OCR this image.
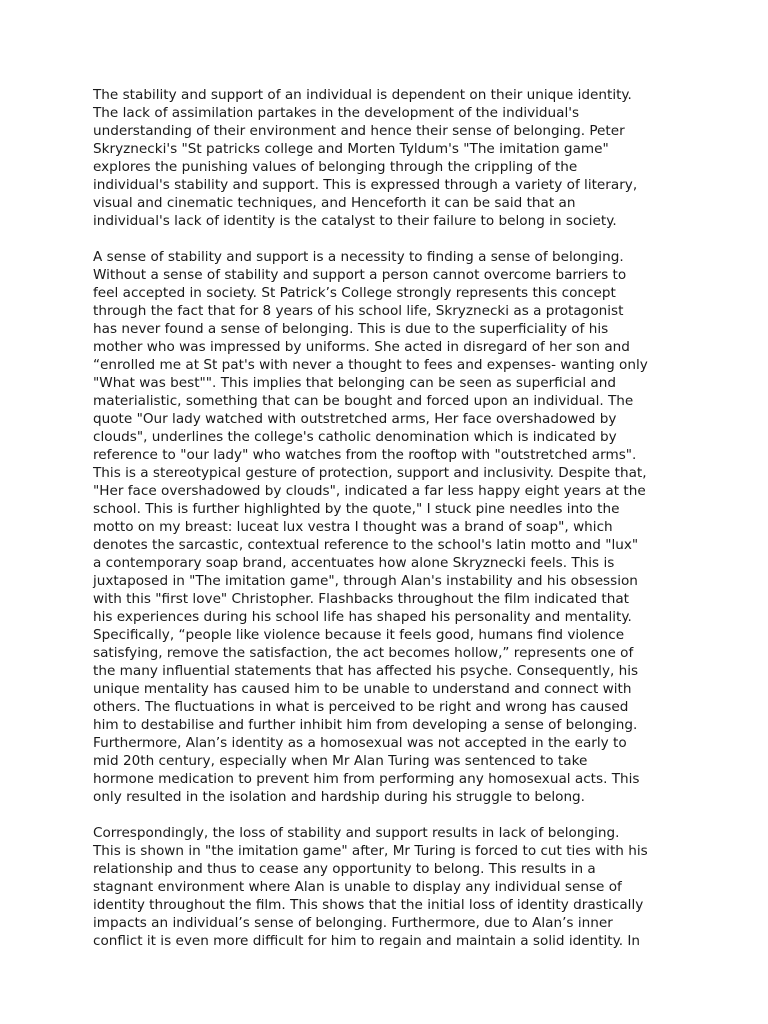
The stability and support of an individual is dependent on their unique identity.
The lack of assimilation partakes in the development of the individual's
understanding of their environment and hence their sense of belonging. Peter
Skryznecki's "St patricks college and Morten Tyldum's "The imitation game"
explores the punishing values of belonging through the crippling of the
individual's stability and support. This is expressed through a variety of literary,
visual and cinematic techniques, and Henceforth it can be said that an
individual's lack of identity is the catalyst to their failure to belong in society.
A sense of stability and support is a necessity to finding a sense of belonging.
Without a sense of stability and support a person cannot overcome barriers to
feel accepted in society. St Patrick’s College strongly represents this concept
through the fact that for 8 years of his school life, Skryznecki as a protagonist
has never found a sense of belonging. This is due to the superficiality of his
mother who was impressed by uniforms. She acted in disregard of her son and
“enrolled me at St pat's with never a thought to fees and expenses- wanting only
"What was best"". This implies that belonging can be seen as superficial and
materialistic, something that can be bought and forced upon an individual. The
quote "Our lady watched with outstretched arms, Her face overshadowed by
clouds", underlines the college's catholic denomination which is indicated by
reference to "our lady" who watches from the rooftop with "outstretched arms".
This is a stereotypical gesture of protection, support and inclusivity. Despite that,
"Her face overshadowed by clouds", indicated a far less happy eight years at the
school. This is further highlighted by the quote," I stuck pine needles into the
motto on my breast: luceat lux vestra I thought was a brand of soap", which
denotes the sarcastic, contextual reference to the school's latin motto and "lux"
a contemporary soap brand, accentuates how alone Skryznecki feels. This is
juxtaposed in "The imitation game", through Alan's instability and his obsession
with this "first love" Christopher. Flashbacks throughout the film indicated that
his experiences during his school life has shaped his personality and mentality.
Specifically, “people like violence because it feels good, humans find violence
satisfying, remove the satisfaction, the act becomes hollow,” represents one of
the many influential statements that has affected his psyche. Consequently, his
unique mentality has caused him to be unable to understand and connect with
others. The fluctuations in what is perceived to be right and wrong has caused
him to destabilise and further inhibit him from developing a sense of belonging.
Furthermore, Alan’s identity as a homosexual was not accepted in the early to
mid 20th century, especially when Mr Alan Turing was sentenced to take
hormone medication to prevent him from performing any homosexual acts. This
only resulted in the isolation and hardship during his struggle to belong.
Correspondingly, the loss of stability and support results in lack of belonging.
This is shown in "the imitation game" after, Mr Turing is forced to cut ties with his
relationship and thus to cease any opportunity to belong. This results in a
stagnant environment where Alan is unable to display any individual sense of
identity throughout the film. This shows that the initial loss of identity drastically
impacts an individual’s sense of belonging. Furthermore, due to Alan’s inner
conflict it is even more difficult for him to regain and maintain a solid identity. In
